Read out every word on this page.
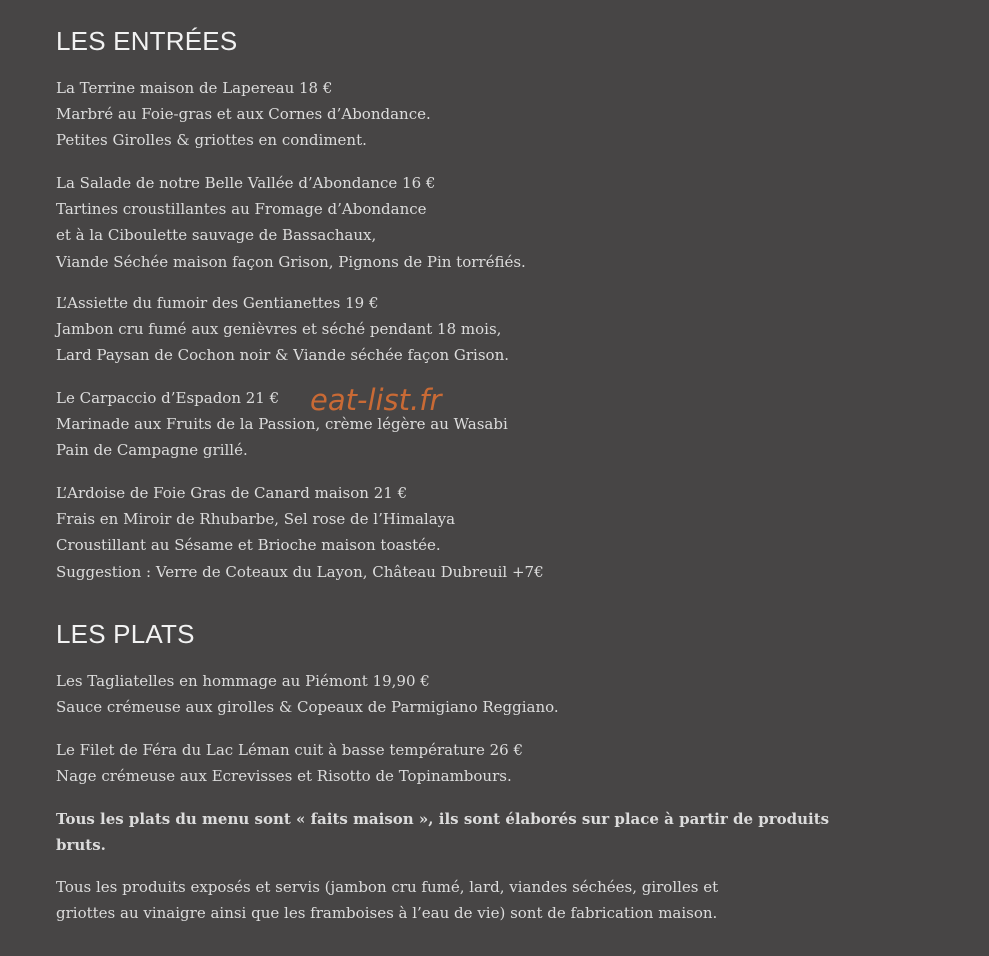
LES ENTRÉES
La Terrine maison de Lapereau 18 €
Marbré au Foie-gras et aux Cornes d’Abondance.
Petites Girolles & griottes en condiment.
La Salade de notre Belle Vallée d’Abondance 16 €
Tartines croustillantes au Fromage d’Abondance
et à la Ciboulette sauvage de Bassachaux,
Viande Séchée maison façon Grison, Pignons de Pin torréfiés.
L’Assiette du fumoir des Gentianettes 19 €
Jambon cru fumé aux genièvres et séché pendant 18 mois,
Lard Paysan de Cochon noir & Viande séchée façon Grison.
Le Carpaccio d’Espadon 21 €
Marinade aux Fruits de la Passion, crème légère au Wasabi
Pain de Campagne grillé.
L’Ardoise de Foie Gras de Canard maison 21 €
Frais en Miroir de Rhubarbe, Sel rose de l’Himalaya
Croustillant au Sésame et Brioche maison toastée.
Suggestion : Verre de Coteaux du Layon, Château Dubreuil +7€
LES PLATS
Les Tagliatelles en hommage au Piémont 19,90 €
Sauce crémeuse aux girolles & Copeaux de Parmigiano Reggiano.
Le Filet de Féra du Lac Léman cuit à basse température 26 €
Nage crémeuse aux Ecrevisses et Risotto de Topinambours.
Tous les plats du menu sont « faits maison », ils sont élaborés sur place à partir de produits
bruts.
Tous les produits exposés et servis (jambon cru fumé, lard, viandes séchées, girolles et
griottes au vinaigre ainsi que les framboises à l’eau de vie) sont de fabrication maison.
eat-list.fr
